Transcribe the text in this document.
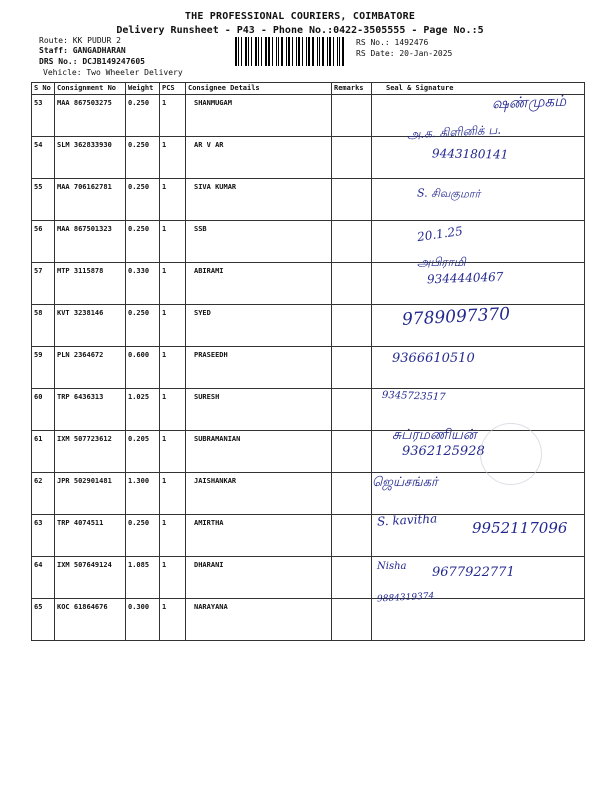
THE PROFESSIONAL COURIERS, COIMBATORE
Delivery Runsheet - P43 - Phone No.:0422-3505555 - Page No.:5
Route: KK PUDUR 2
Staff: GANGADHARAN
DRS No.: DCJB149247605
Vehicle: Two Wheeler Delivery
RS No.: 1492476
RS Date: 20-Jan-2025
S No	Consignment No	Weight	PCS	Consignee Details	Remarks	Seal & Signature
53	MAA 867503275	0.250	1	SHANMUGAM		ஷண்முகம்

54	SLM 362833930	0.250	1	AR V AR		அ.க. கிளினிக் ப.
9443180141

55	MAA 706162781	0.250	1	SIVA KUMAR		S. சிவகுமார்

56	MAA 867501323	0.250	1	SSB		20.1.25

57	MTP 3115878	0.330	1	ABIRAMI		அபிராமி
9344440467

58	KVT 3238146	0.250	1	SYED		9789097370

59	PLN 2364672	0.600	1	PRASEEDH		9366610510

60	TRP 6436313	1.025	1	SURESH		9345723517

61	IXM 507723612	0.205	1	SUBRAMANIAN		சுப்ரமணியன்
9362125928

62	JPR 502901481	1.300	1	JAISHANKAR		ஜெய்சங்கர்

63	TRP 4074511	0.250	1	AMIRTHA		S. kavitha 9952117096

64	IXM 507649124	1.085	1	DHARANI		Nisha 9677922771

65	KOC 61864676	0.300	1	NARAYANA		9884319374
